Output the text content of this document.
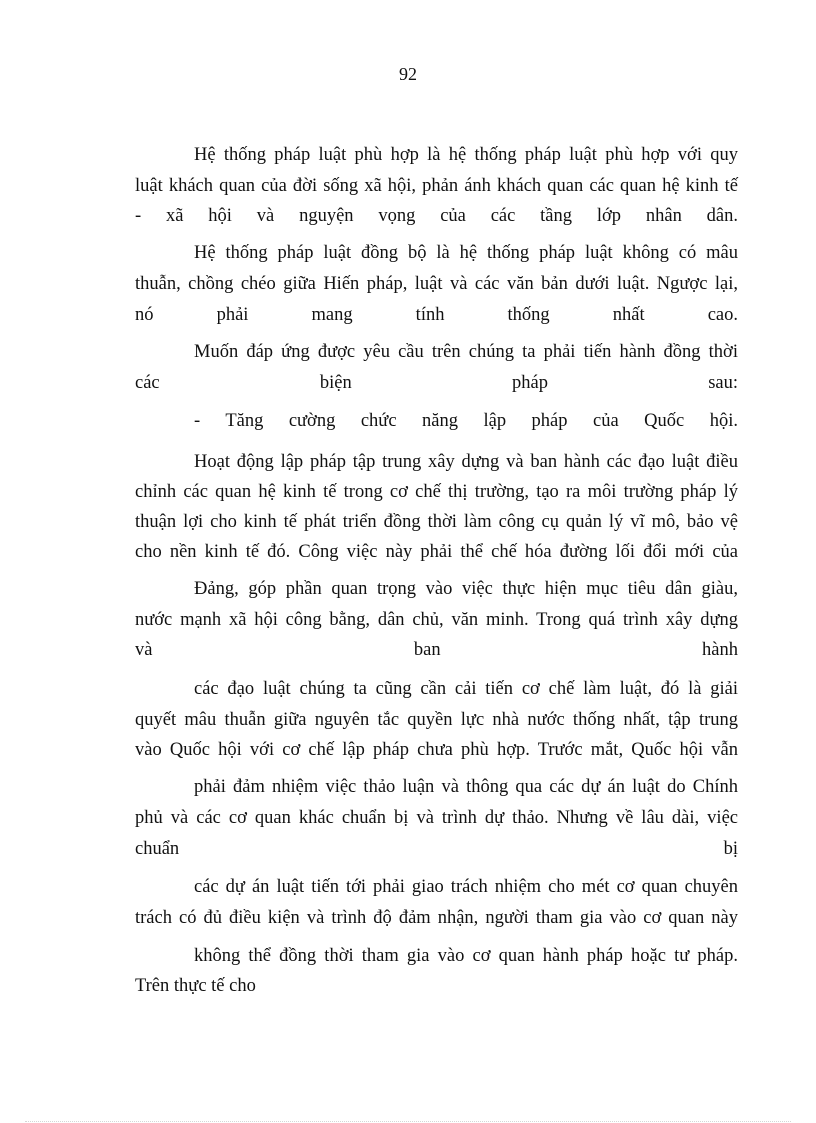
92
Hệ thống pháp luật phù hợp là hệ thống pháp luật phù hợp với quy
luật khách quan của đời sống xã hội, phản ánh khách quan các quan hệ kinh tế
- xã hội và nguyện vọng của các tầng lớp nhân dân.
Hệ thống pháp luật đồng bộ là hệ thống pháp luật không có mâu
thuẫn, chồng chéo giữa Hiến pháp, luật và các văn bản dưới luật. Ngược lại,
nó phải mang tính thống nhất cao.
Muốn đáp ứng được yêu cầu trên chúng ta phải tiến hành đồng thời
các biện pháp sau:
- Tăng cường chức năng lập pháp của Quốc hội.
Hoạt động lập pháp tập trung xây dựng và ban hành các đạo luật điều
chỉnh các quan hệ kinh tế trong cơ chế thị trường, tạo ra môi trường pháp lý
thuận lợi cho kinh tế phát triển đồng thời làm công cụ quản lý vĩ mô, bảo vệ
cho nền kinh tế đó. Công việc này phải thể chế hóa đường lối đổi mới của
Đảng, góp phần quan trọng vào việc thực hiện mục tiêu dân giàu,
nước mạnh xã hội công bằng, dân chủ, văn minh. Trong quá trình xây dựng
và ban hành
các đạo luật chúng ta cũng cần cải tiến cơ chế làm luật, đó là giải
quyết mâu thuẫn giữa nguyên tắc quyền lực nhà nước thống nhất, tập trung
vào Quốc hội với cơ chế lập pháp chưa phù hợp. Trước mắt, Quốc hội vẫn
phải đảm nhiệm việc thảo luận và thông qua các dự án luật do Chính
phủ và các cơ quan khác chuẩn bị và trình dự thảo. Nhưng về lâu dài, việc
chuẩn bị
các dự án luật tiến tới phải giao trách nhiệm cho mét cơ quan chuyên
trách có đủ điều kiện và trình độ đảm nhận, người tham gia vào cơ quan này
không thể đồng thời tham gia vào cơ quan hành pháp hoặc tư pháp.
Trên thực tế cho
